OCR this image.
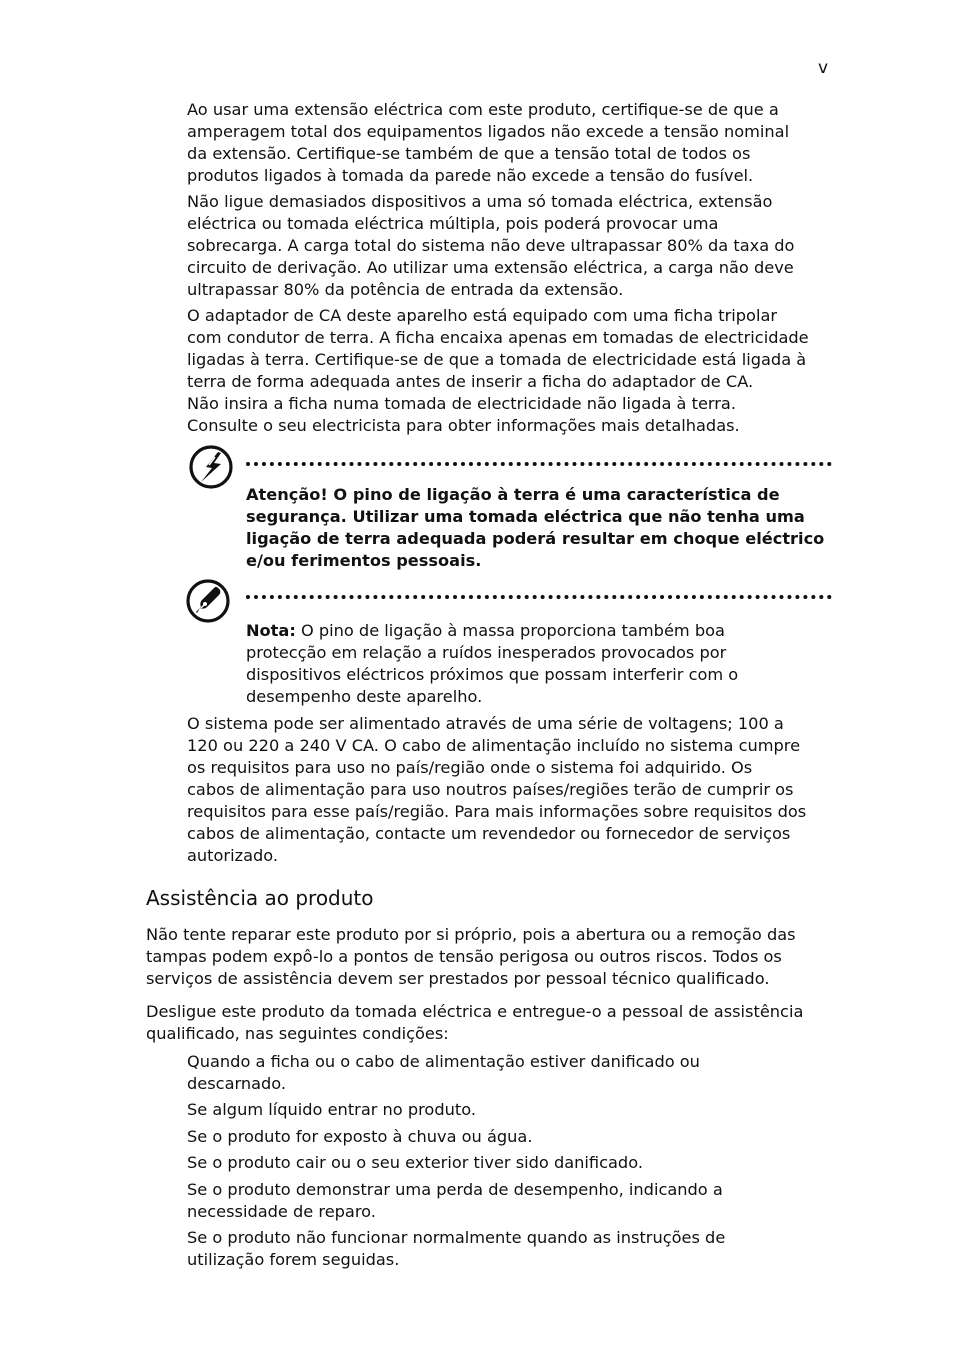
v

Ao usar uma extensão eléctrica com este produto, certifique-se de que a
amperagem total dos equipamentos ligados não excede a tensão nominal
da extensão. Certifique-se também de que a tensão total de todos os
produtos ligados à tomada da parede não excede a tensão do fusível.

Não ligue demasiados dispositivos a uma só tomada eléctrica, extensão
eléctrica ou tomada eléctrica múltipla, pois poderá provocar uma
sobrecarga. A carga total do sistema não deve ultrapassar 80% da taxa do
circuito de derivação. Ao utilizar uma extensão eléctrica, a carga não deve
ultrapassar 80% da potência de entrada da extensão.

O adaptador de CA deste aparelho está equipado com uma ficha tripolar
com condutor de terra. A ficha encaixa apenas em tomadas de electricidade
ligadas à terra. Certifique-se de que a tomada de electricidade está ligada à
terra de forma adequada antes de inserir a ficha do adaptador de CA.
Não insira a ficha numa tomada de electricidade não ligada à terra.
Consulte o seu electricista para obter informações mais detalhadas.

Atenção! O pino de ligação à terra é uma característica de
segurança. Utilizar uma tomada eléctrica que não tenha uma
ligação de terra adequada poderá resultar em choque eléctrico
e/ou ferimentos pessoais.

Nota: O pino de ligação à massa proporciona também boa
protecção em relação a ruídos inesperados provocados por
dispositivos eléctricos próximos que possam interferir com o
desempenho deste aparelho.

O sistema pode ser alimentado através de uma série de voltagens; 100 a
120 ou 220 a 240 V CA. O cabo de alimentação incluído no sistema cumpre
os requisitos para uso no país/região onde o sistema foi adquirido. Os
cabos de alimentação para uso noutros países/regiões terão de cumprir os
requisitos para esse país/região. Para mais informações sobre requisitos dos
cabos de alimentação, contacte um revendedor ou fornecedor de serviços
autorizado.

Assistência ao produto

Não tente reparar este produto por si próprio, pois a abertura ou a remoção das
tampas podem expô-lo a pontos de tensão perigosa ou outros riscos. Todos os
serviços de assistência devem ser prestados por pessoal técnico qualificado.

Desligue este produto da tomada eléctrica e entregue-o a pessoal de assistência
qualificado, nas seguintes condições:

Quando a ficha ou o cabo de alimentação estiver danificado ou
descarnado.

Se algum líquido entrar no produto.

Se o produto for exposto à chuva ou água.

Se o produto cair ou o seu exterior tiver sido danificado.

Se o produto demonstrar uma perda de desempenho, indicando a
necessidade de reparo.

Se o produto não funcionar normalmente quando as instruções de
utilização forem seguidas.
